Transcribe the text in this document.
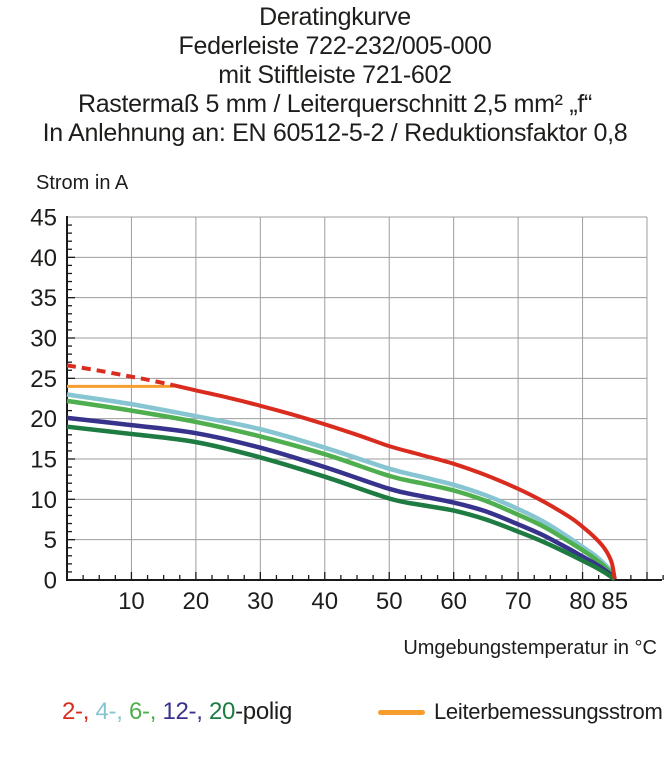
Deratingkurve
Federleiste 722-232/005-000
mit Stiftleiste 721-602
Rastermaß 5 mm / Leiterquerschnitt 2,5 mm² „f“
In Anlehnung an: EN 60512-5-2 / Reduktionsfaktor 0,8
Strom in A
10 20 30 40 50 60 70 80 85
0
5
10
15
20
25
30
35
40
45
Umgebungstemperatur in °C
2-, 4-, 6-, 12-, 20-polig	Leiterbemessungsstrom
